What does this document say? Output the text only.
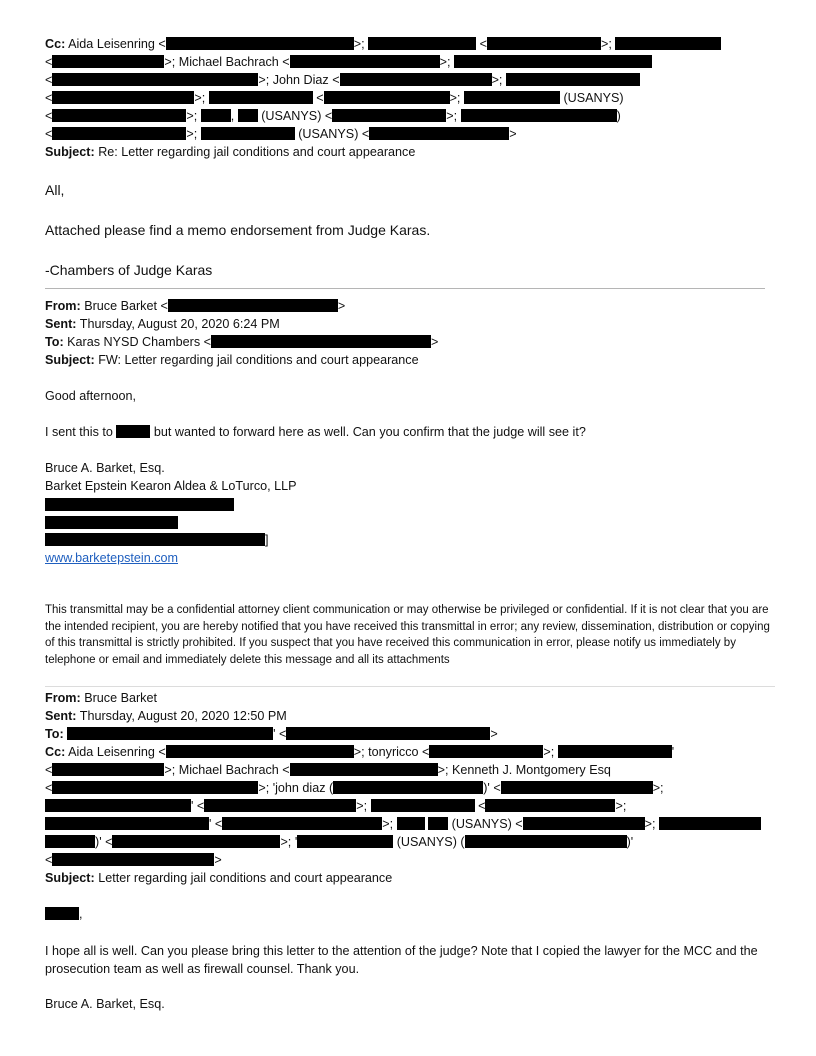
Cc: Aida Leisenring <	>;	<	>;
<	>; Michael Bachrach <	>;
<	>; John Diaz <	>;
<	>;	<	>;	(USANYS)
<	>;	,  (USANYS) <	>;	)
<	>;	(USANYS) <	>
Subject: Re: Letter regarding jail conditions and court appearance
All,
Attached please find a memo endorsement from Judge Karas.
-Chambers of Judge Karas
From: Bruce Barket <	>
Sent: Thursday, August 20, 2020 6:24 PM
To: Karas NYSD Chambers <	>
Subject: FW: Letter regarding jail conditions and court appearance
Good afternoon,
I sent this to	but wanted to forward here as well. Can you confirm that the judge will see it?
Bruce A. Barket, Esq.
Barket Epstein Kearon Aldea & LoTurco, LLP
]
www.barketepstein.com
This transmittal may be a confidential attorney client communication or may otherwise be privileged or confidential. If it is not clear that you are the intended recipient, you are hereby notified that you have received this transmittal in error; any review, dissemination, distribution or copying of this transmittal is strictly prohibited. If you suspect that you have received this communication in error, please notify us immediately by telephone or email and immediately delete this message and all its attachments
From: Bruce Barket
Sent: Thursday, August 20, 2020 12:50 PM
To:	' <	>
Cc: Aida Leisenring <	>; tonyricco <	>;	'
<	>; Michael Bachrach <	>; Kenneth J. Montgomery Esq
<	>; 'john diaz (	)' <	>;
' <	>;	<	>;
' <	>;	(USANYS) <	>;
)' <	>; '	(USANYS) (	)'
<	>
Subject: Letter regarding jail conditions and court appearance
,
I hope all is well. Can you please bring this letter to the attention of the judge? Note that I copied the lawyer for the MCC and the prosecution team as well as firewall counsel. Thank you.
Bruce A. Barket, Esq.
